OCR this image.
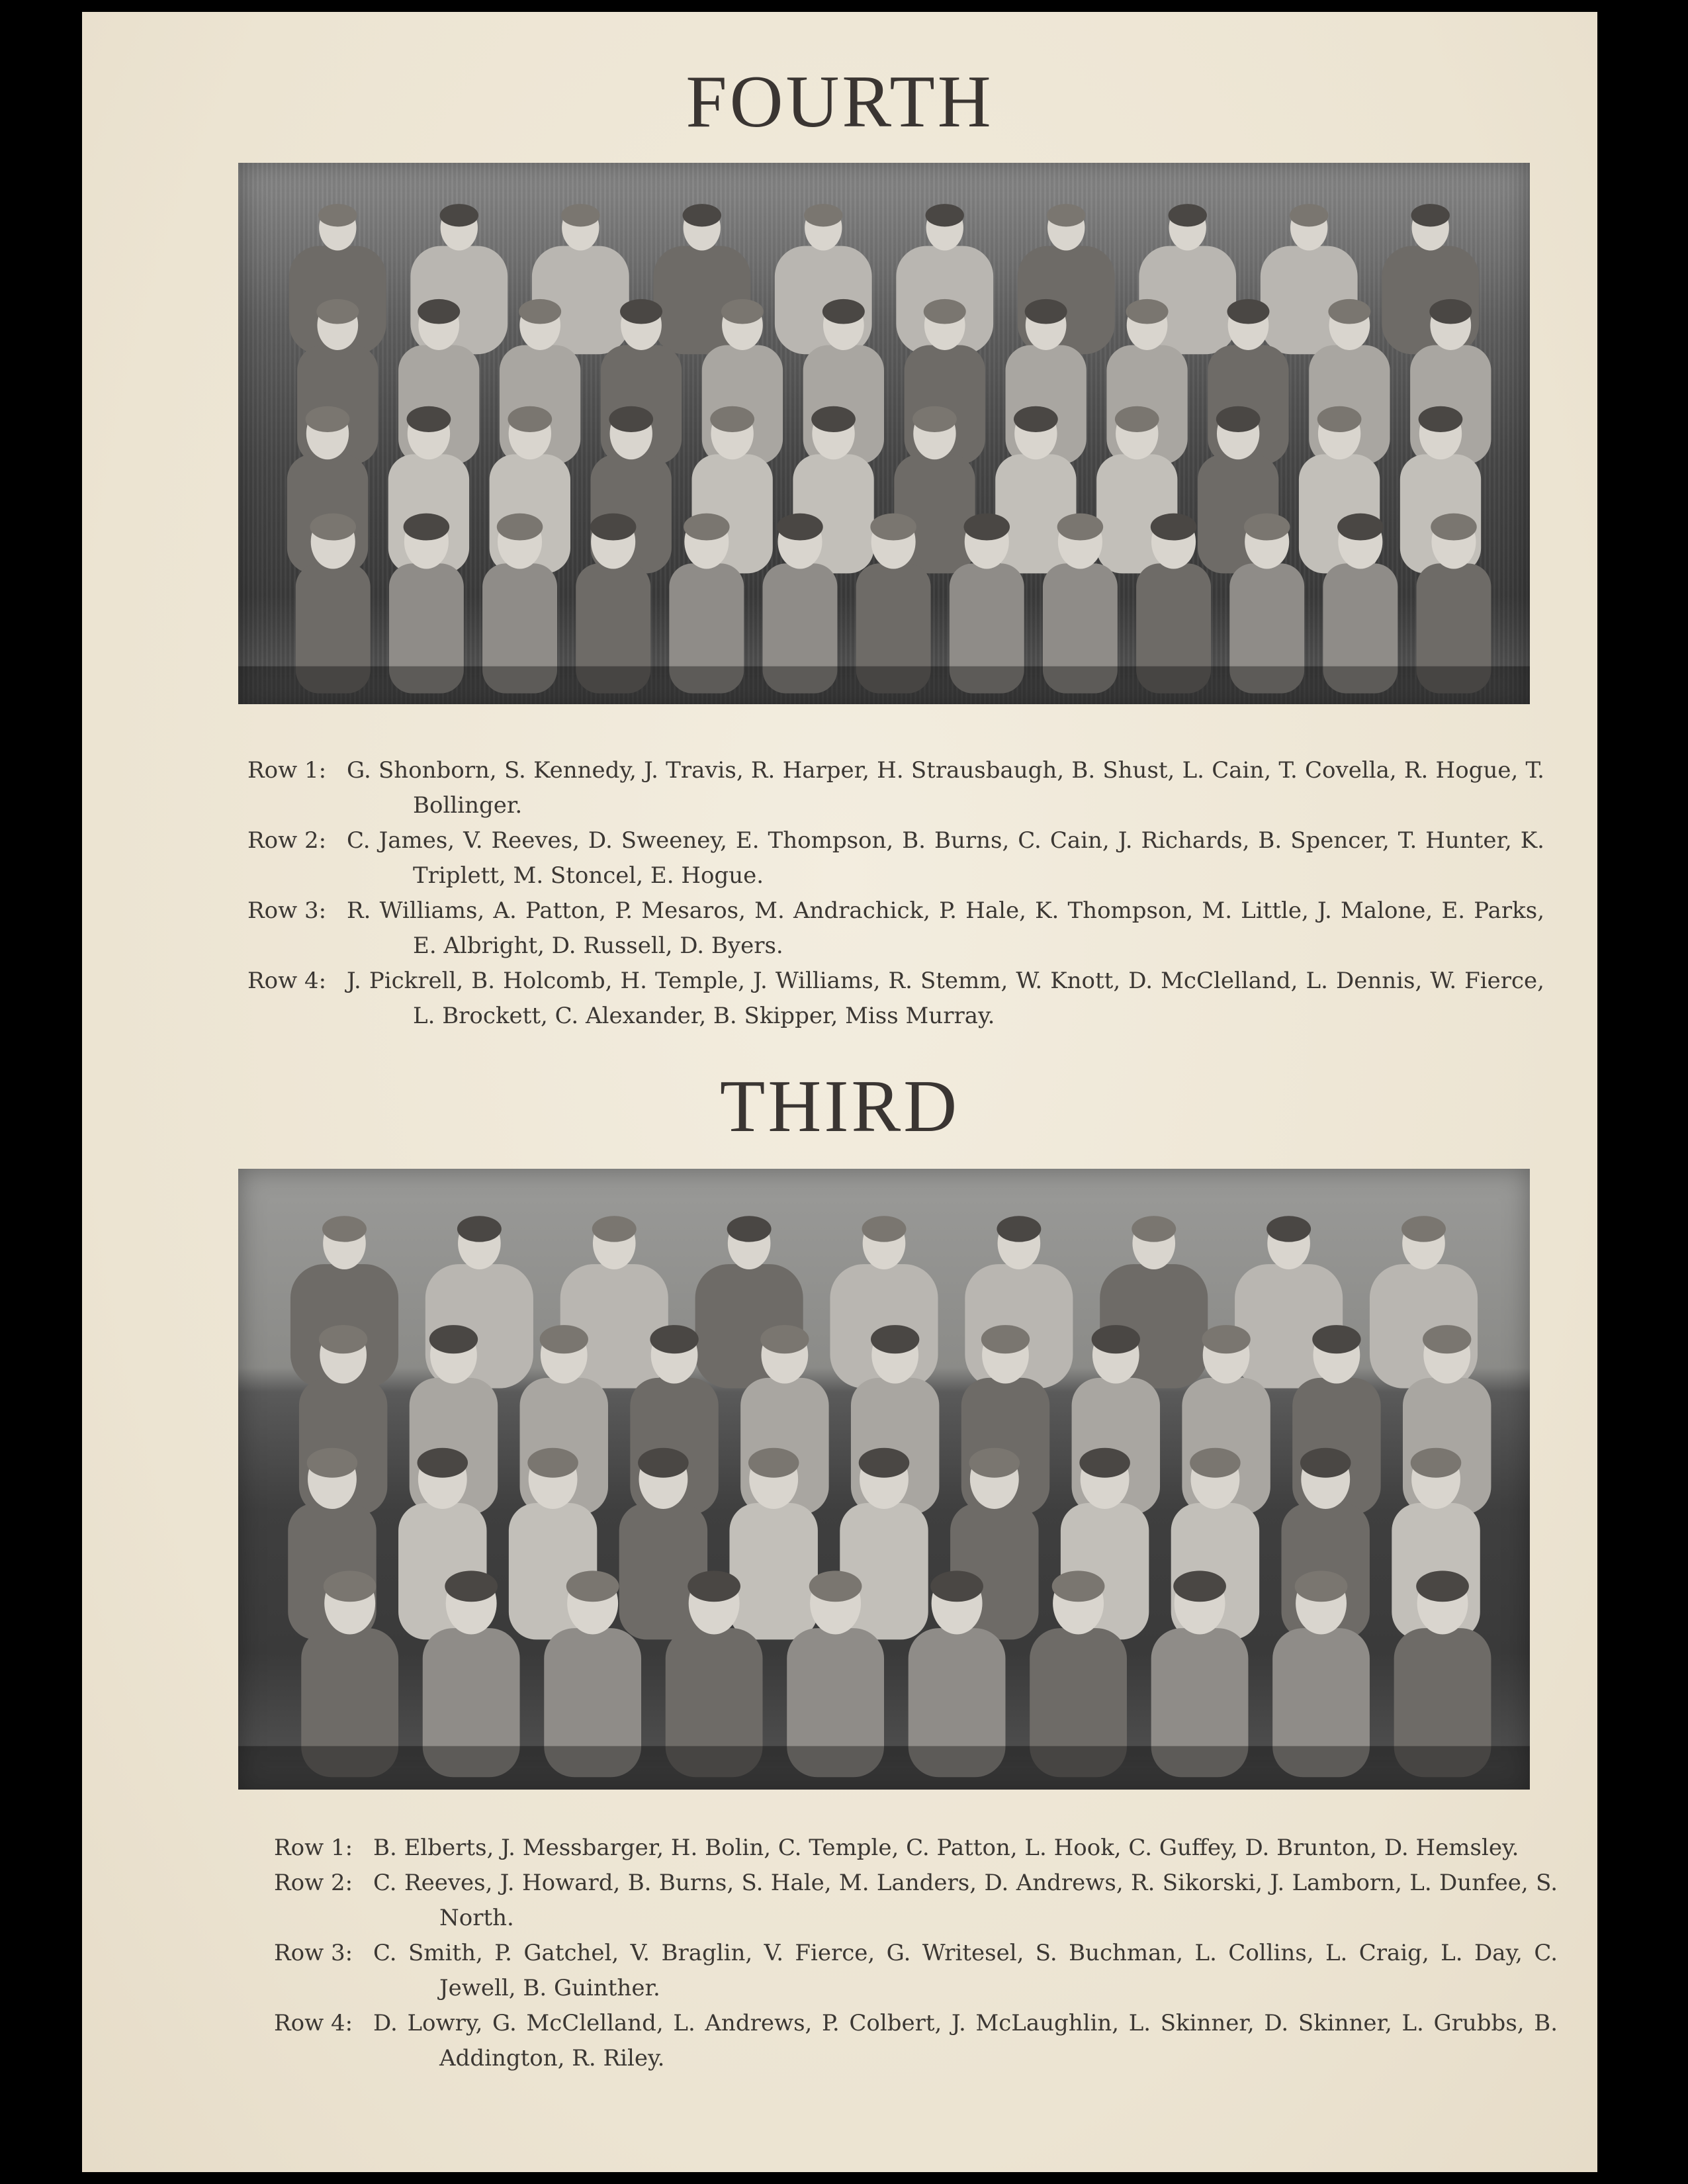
FOURTH
Row 1: G. Shonborn, S. Kennedy, J. Travis, R. Harper, H. Strausbaugh, B. Shust, L. Cain, T. Covella, R. Hogue, T. Bollinger.
Row 2: C. James, V. Reeves, D. Sweeney, E. Thompson, B. Burns, C. Cain, J. Richards, B. Spencer, T. Hunter, K. Triplett, M. Stoncel, E. Hogue.
Row 3: R. Williams, A. Patton, P. Mesaros, M. Andrachick, P. Hale, K. Thompson, M. Little, J. Malone, E. Parks, E. Albright, D. Russell, D. Byers.
Row 4: J. Pickrell, B. Holcomb, H. Temple, J. Williams, R. Stemm, W. Knott, D. McClelland, L. Dennis, W. Fierce, L. Brockett, C. Alexander, B. Skipper, Miss Murray.
THIRD
Row 1: B. Elberts, J. Messbarger, H. Bolin, C. Temple, C. Patton, L. Hook, C. Guffey, D. Brunton, D. Hemsley.
Row 2: C. Reeves, J. Howard, B. Burns, S. Hale, M. Landers, D. Andrews, R. Sikorski, J. Lamborn, L. Dunfee, S. North.
Row 3: C. Smith, P. Gatchel, V. Braglin, V. Fierce, G. Writesel, S. Buchman, L. Collins, L. Craig, L. Day, C. Jewell, B. Guinther.
Row 4: D. Lowry, G. McClelland, L. Andrews, P. Colbert, J. McLaughlin, L. Skinner, D. Skinner, L. Grubbs, B. Addington, R. Riley.
